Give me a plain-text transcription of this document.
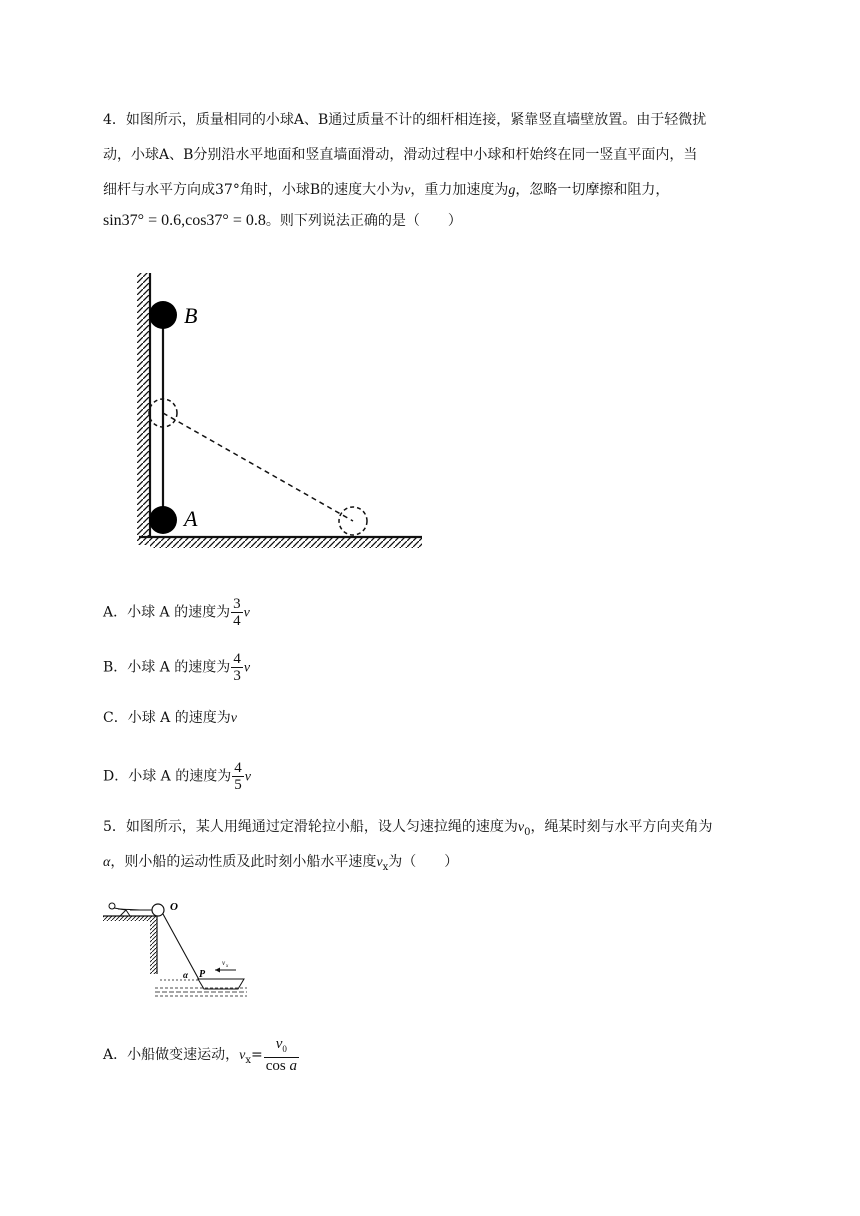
4．如图所示，质量相同的小球A、B通过质量不计的细杆相连接，紧靠竖直墙壁放置。由于轻微扰
动，小球A、B分别沿水平地面和竖直墙面滑动，滑动过程中小球和杆始终在同一竖直平面内，当
细杆与水平方向成37°角时，小球B的速度大小为v，重力加速度为g，忽略一切摩擦和阻力，
sin37° = 0.6,cos37° = 0.8。则下列说法正确的是（　　）
B
A
A．小球 A 的速度为 $\frac{3}{4}$ v
B．小球 A 的速度为 $\frac{4}{3}$ v
C．小球 A 的速度为v
D．小球 A 的速度为 $\frac{4}{5}$ v
5．如图所示，某人用绳通过定滑轮拉小船，设人匀速拉绳的速度为$v_0$，绳某时刻与水平方向夹角为
α，则小船的运动性质及此时刻小船水平速度$v_x$为（　　）
O
v x
α P
A．小船做变速运动，$v_x= \frac{v_0}{\text{cos a}}$
